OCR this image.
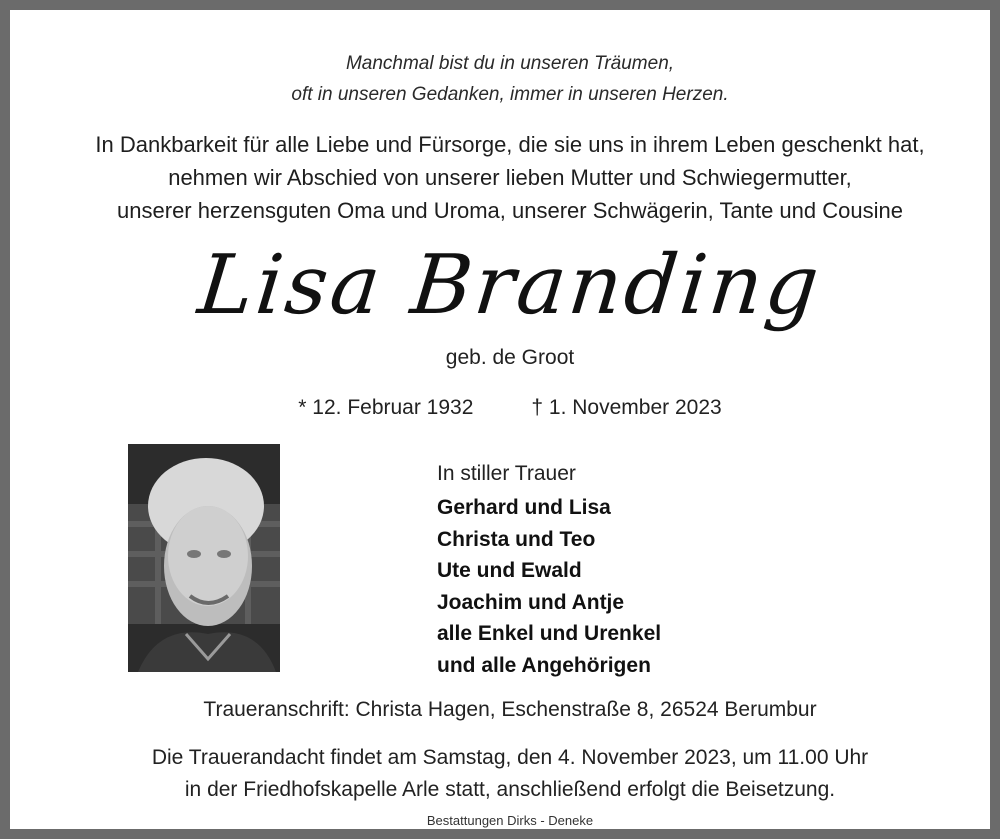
Manchmal bist du in unseren Träumen,
oft in unseren Gedanken, immer in unseren Herzen.
In Dankbarkeit für alle Liebe und Fürsorge, die sie uns in ihrem Leben geschenkt hat,
nehmen wir Abschied von unserer lieben Mutter und Schwiegermutter,
unserer herzensguten Oma und Uroma, unserer Schwägerin, Tante und Cousine
Lisa Branding
geb. de Groot
* 12. Februar 1932	† 1. November 2023
In stiller Trauer
Gerhard und Lisa
Christa und Teo
Ute und Ewald
Joachim und Antje
alle Enkel und Urenkel
und alle Angehörigen
Traueranschrift: Christa Hagen, Eschenstraße 8, 26524 Berumbur
Die Trauerandacht findet am Samstag, den 4. November 2023, um 11.00 Uhr
in der Friedhofskapelle Arle statt, anschließend erfolgt die Beisetzung.
Bestattungen Dirks - Deneke
